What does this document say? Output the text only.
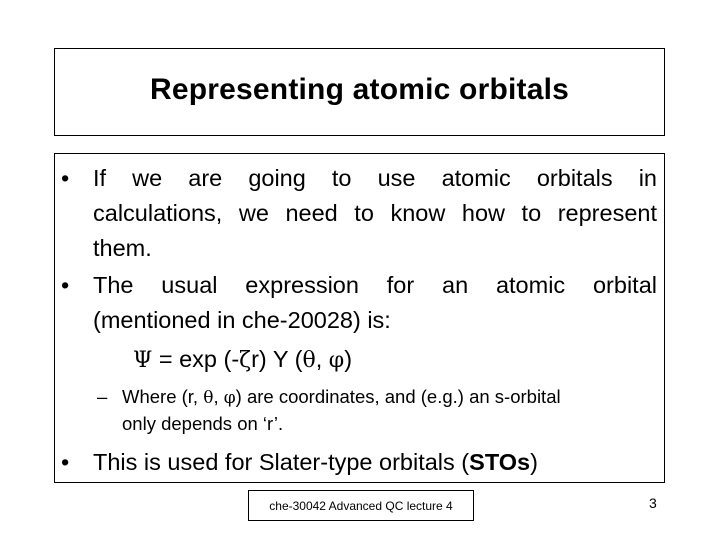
Representing atomic orbitals
•	If we are going to use atomic orbitals in
calculations, we need to know how to represent
them.
•	The usual expression for an atomic orbital
(mentioned in che-20028) is:
Ψ = exp (-ζr) Y (θ, φ)
– Where (r, θ, φ) are coordinates, and (e.g.) an s-orbital
only depends on ‘r’.
•	This is used for Slater-type orbitals (STOs)
che-30042 Advanced QC lecture 4	3
